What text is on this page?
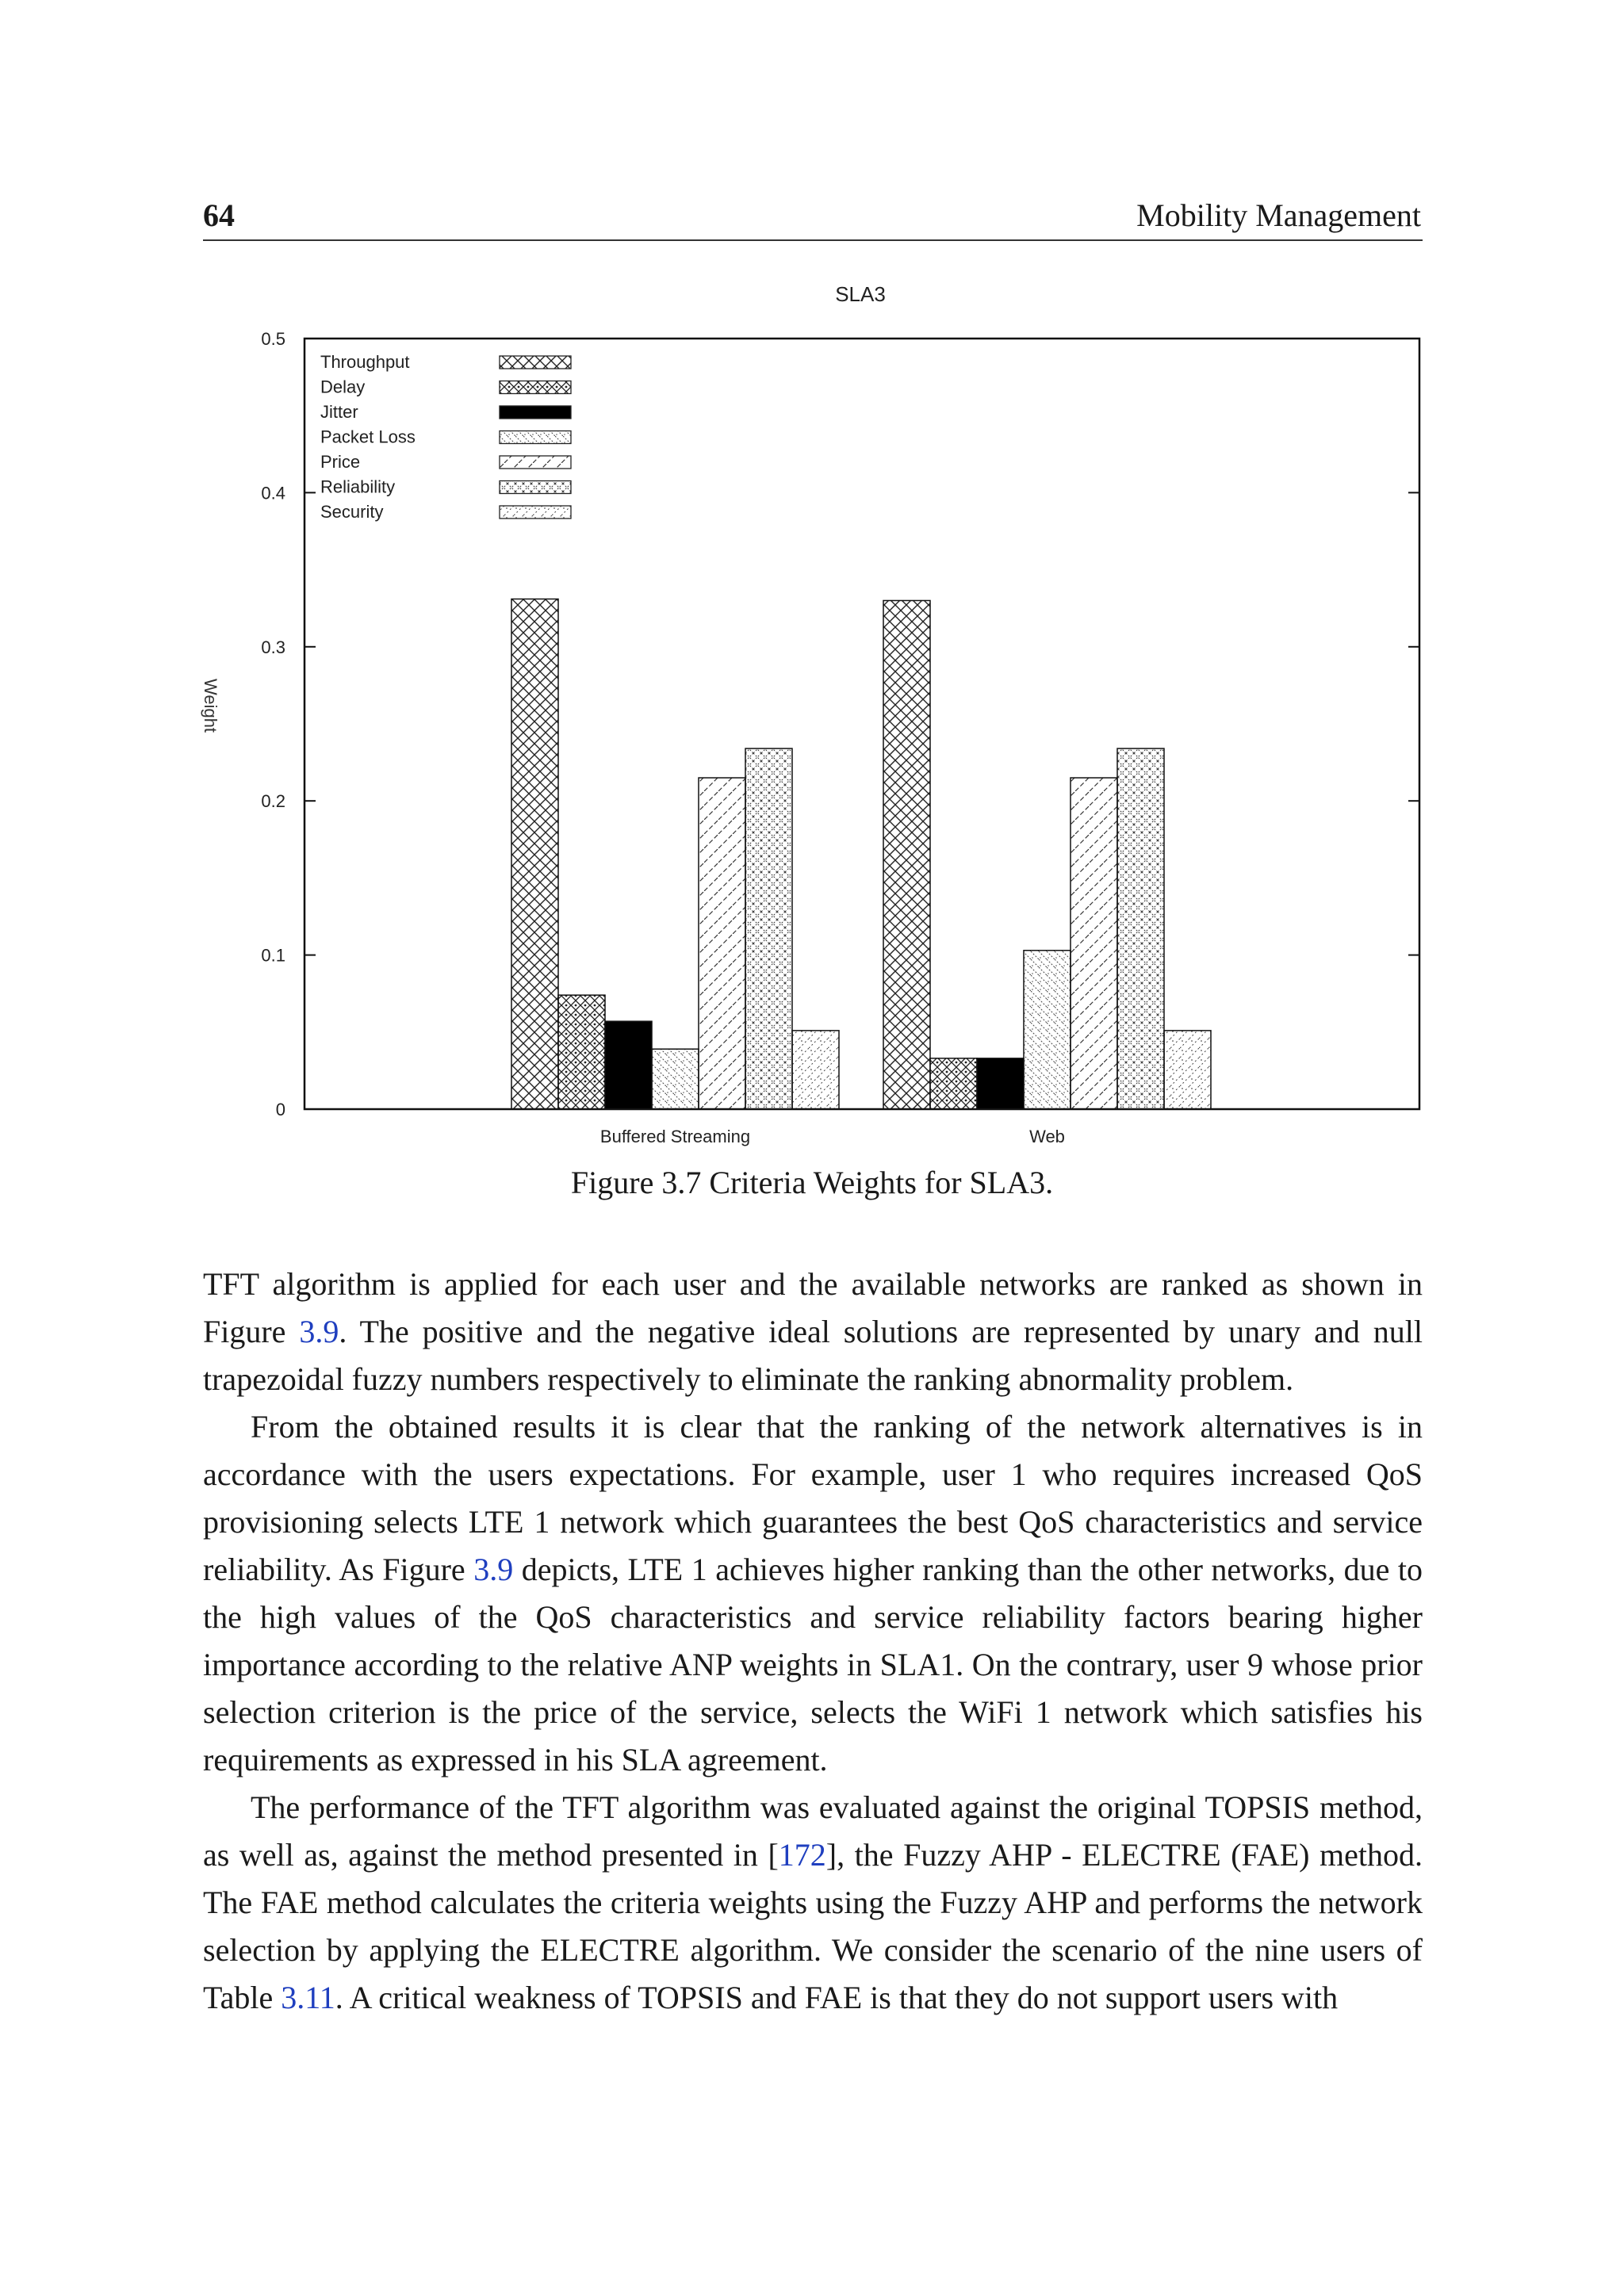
64	Mobility Management
SLA3
0
0.1
0.2
0.3
0.4
0.5
Weight
Buffered Streaming	Web
Throughput
Delay
Jitter
Packet Loss
Price
Reliability
Security
Figure 3.7 Criteria Weights for SLA3.

TFT algorithm is applied for each user and the available networks are ranked as shown in Figure 3.9. The positive and the negative ideal solutions are represented by unary and null trapezoidal fuzzy numbers respectively to eliminate the ranking abnormality problem.

From the obtained results it is clear that the ranking of the network alternatives is in accordance with the users expectations. For example, user 1 who requires increased QoS provisioning selects LTE 1 network which guarantees the best QoS characteristics and service reliability. As Figure 3.9 depicts, LTE 1 achieves higher ranking than the other networks, due to the high values of the QoS characteristics and service reliability factors bearing higher importance according to the relative ANP weights in SLA1. On the contrary, user 9 whose prior selection criterion is the price of the service, selects the WiFi 1 network which satisfies his requirements as expressed in his SLA agreement.

The performance of the TFT algorithm was evaluated against the original TOPSIS method, as well as, against the method presented in [172], the Fuzzy AHP - ELECTRE (FAE) method. The FAE method calculates the criteria weights using the Fuzzy AHP and performs the network selection by applying the ELECTRE algorithm. We consider the scenario of the nine users of Table 3.11. A critical weakness of TOPSIS and FAE is that they do not support users with
